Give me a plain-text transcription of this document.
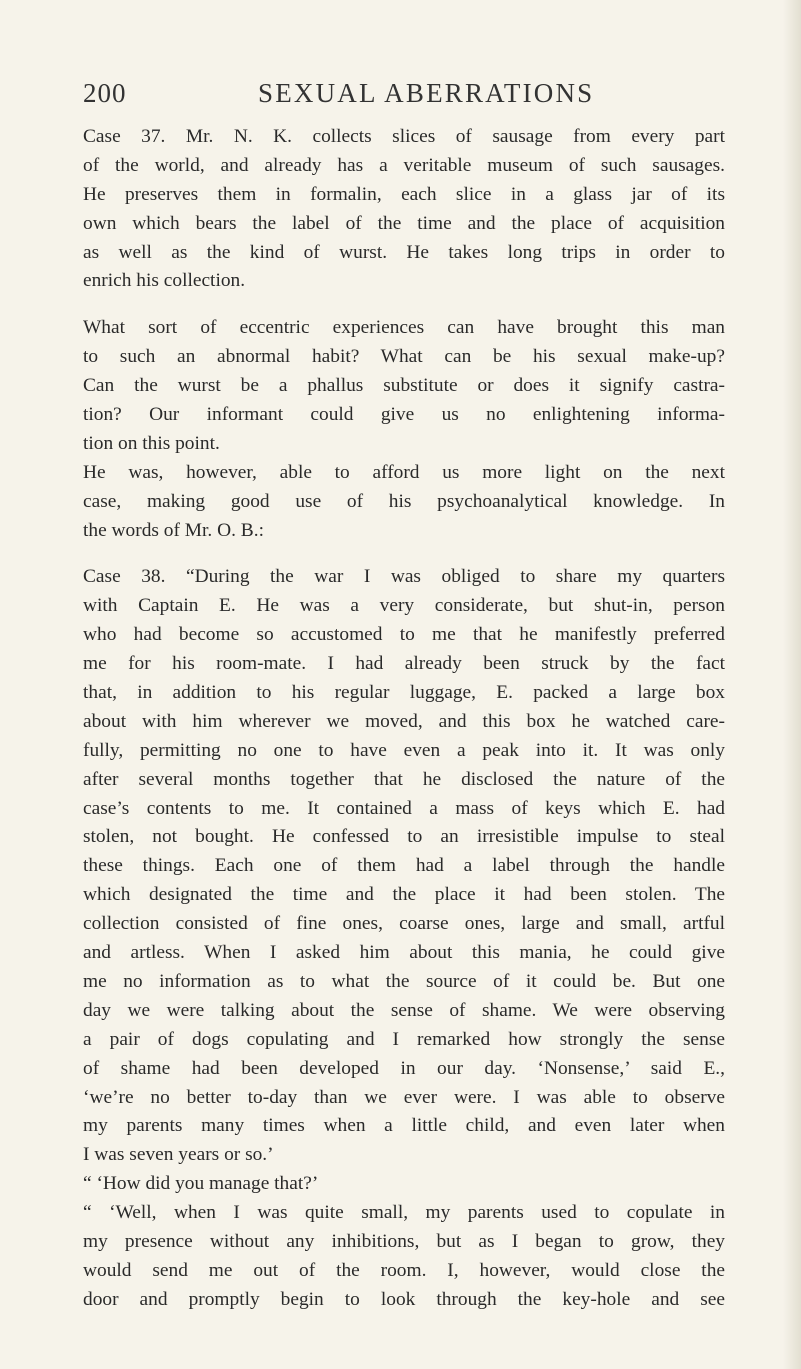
200	SEXUAL ABERRATIONS
Case 37. Mr. N. K. collects slices of sausage from every part
of the world, and already has a veritable museum of such sausages.
He preserves them in formalin, each slice in a glass jar of its
own which bears the label of the time and the place of acquisition
as well as the kind of wurst. He takes long trips in order to
enrich his collection.
What sort of eccentric experiences can have brought this man
to such an abnormal habit? What can be his sexual make-up?
Can the wurst be a phallus substitute or does it signify castra-
tion? Our informant could give us no enlightening informa-
tion on this point.
He was, however, able to afford us more light on the next
case, making good use of his psychoanalytical knowledge. In
the words of Mr. O. B.:
Case 38. “During the war I was obliged to share my quarters
with Captain E. He was a very considerate, but shut-in, person
who had become so accustomed to me that he manifestly preferred
me for his room-mate. I had already been struck by the fact
that, in addition to his regular luggage, E. packed a large box
about with him wherever we moved, and this box he watched care-
fully, permitting no one to have even a peak into it. It was only
after several months together that he disclosed the nature of the
case’s contents to me. It contained a mass of keys which E. had
stolen, not bought. He confessed to an irresistible impulse to steal
these things. Each one of them had a label through the handle
which designated the time and the place it had been stolen. The
collection consisted of fine ones, coarse ones, large and small, artful
and artless. When I asked him about this mania, he could give
me no information as to what the source of it could be. But one
day we were talking about the sense of shame. We were observing
a pair of dogs copulating and I remarked how strongly the sense
of shame had been developed in our day. ‘Nonsense,’ said E.,
‘we’re no better to-day than we ever were. I was able to observe
my parents many times when a little child, and even later when
I was seven years or so.’
“ ‘How did you manage that?’
“ ‘Well, when I was quite small, my parents used to copulate in
my presence without any inhibitions, but as I began to grow, they
would send me out of the room. I, however, would close the
door and promptly begin to look through the key-hole and see
